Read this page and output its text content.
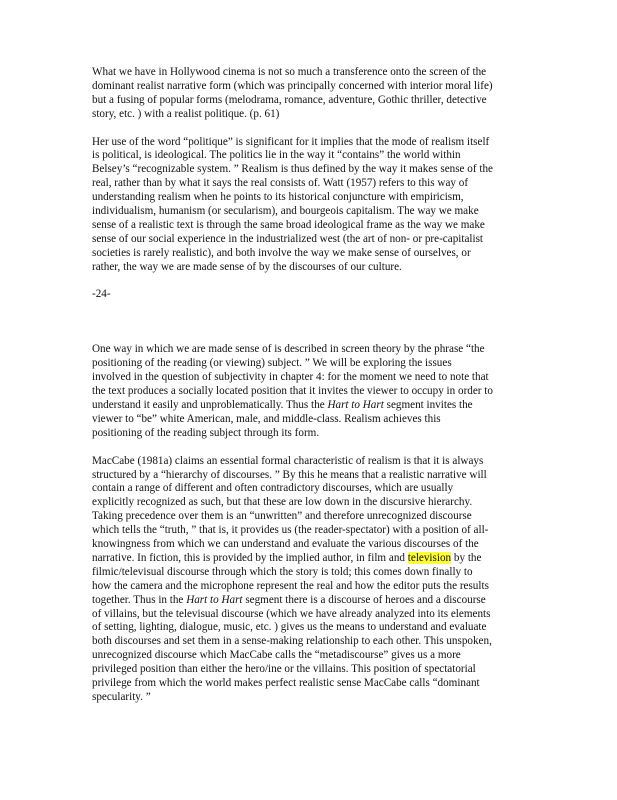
What we have in Hollywood cinema is not so much a transference onto the screen of the
dominant realist narrative form (which was principally concerned with interior moral life)
but a fusing of popular forms (melodrama, romance, adventure, Gothic thriller, detective
story, etc. ) with a realist politique. (p. 61)

Her use of the word “politique” is significant for it implies that the mode of realism itself
is political, is ideological. The politics lie in the way it “contains” the world within
Belsey’s “recognizable system. ” Realism is thus defined by the way it makes sense of the
real, rather than by what it says the real consists of. Watt (1957) refers to this way of
understanding realism when he points to its historical conjuncture with empiricism,
individualism, humanism (or secularism), and bourgeois capitalism. The way we make
sense of a realistic text is through the same broad ideological frame as the way we make
sense of our social experience in the industrialized west (the art of non- or pre-capitalist
societies is rarely realistic), and both involve the way we make sense of ourselves, or
rather, the way we are made sense of by the discourses of our culture.

-24-

One way in which we are made sense of is described in screen theory by the phrase “the
positioning of the reading (or viewing) subject. ” We will be exploring the issues
involved in the question of subjectivity in chapter 4: for the moment we need to note that
the text produces a socially located position that it invites the viewer to occupy in order to
understand it easily and unproblematically. Thus the Hart to Hart segment invites the
viewer to “be” white American, male, and middle-class. Realism achieves this
positioning of the reading subject through its form.

MacCabe (1981a) claims an essential formal characteristic of realism is that it is always
structured by a “hierarchy of discourses. ” By this he means that a realistic narrative will
contain a range of different and often contradictory discourses, which are usually
explicitly recognized as such, but that these are low down in the discursive hierarchy.
Taking precedence over them is an “unwritten” and therefore unrecognized discourse
which tells the “truth, ” that is, it provides us (the reader-spectator) with a position of all-
knowingness from which we can understand and evaluate the various discourses of the
narrative. In fiction, this is provided by the implied author, in film and television by the
filmic/televisual discourse through which the story is told; this comes down finally to
how the camera and the microphone represent the real and how the editor puts the results
together. Thus in the Hart to Hart segment there is a discourse of heroes and a discourse
of villains, but the televisual discourse (which we have already analyzed into its elements
of setting, lighting, dialogue, music, etc. ) gives us the means to understand and evaluate
both discourses and set them in a sense-making relationship to each other. This unspoken,
unrecognized discourse which MacCabe calls the “metadiscourse” gives us a more
privileged position than either the hero/ine or the villains. This position of spectatorial
privilege from which the world makes perfect realistic sense MacCabe calls “dominant
specularity. ”
